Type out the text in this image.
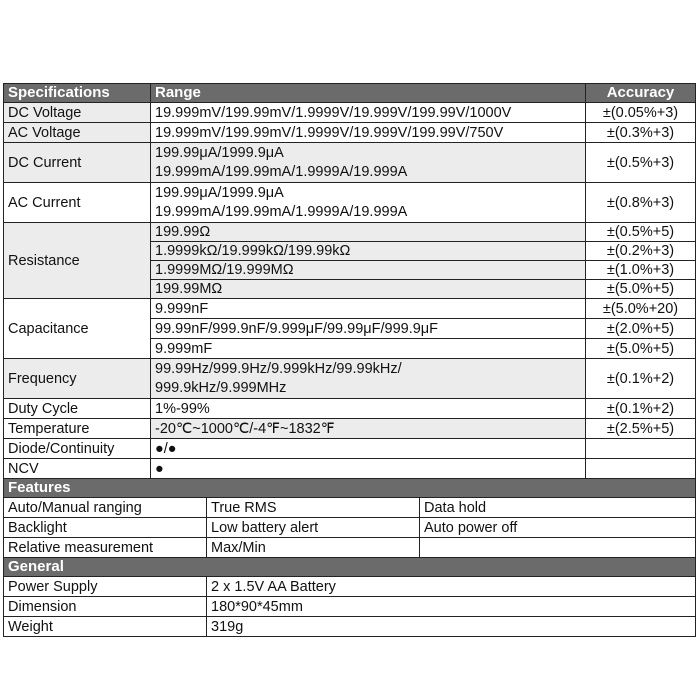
Specifications	Range			Accuracy
DC Voltage	19.999mV/199.99mV/1.9999V/19.999V/199.99V/1000V			±(0.05%+3)
AC Voltage	19.999mV/199.99mV/1.9999V/19.999V/199.99V/750V			±(0.3%+3)
DC Current	199.99μA/1999.9μA
19.999mA/199.99mA/1.9999A/19.999A			±(0.5%+3)
AC Current	199.99μA/1999.9μA
19.999mA/199.99mA/1.9999A/19.999A			±(0.8%+3)
Resistance	199.99Ω			±(0.5%+5)
	1.9999kΩ/19.999kΩ/199.99kΩ			±(0.2%+3)
	1.9999MΩ/19.999MΩ			±(1.0%+3)
	199.99MΩ			±(5.0%+5)
Capacitance	9.999nF			±(5.0%+20)
	99.99nF/999.9nF/9.999μF/99.99μF/999.9μF			±(2.0%+5)
	9.999mF			±(5.0%+5)
Frequency	99.99Hz/999.9Hz/9.999kHz/99.99kHz/
999.9kHz/9.999MHz			±(0.1%+2)
Duty Cycle	1%-99%			±(0.1%+2)
Temperature	-20℃~1000℃/-4℉~1832℉			±(2.5%+5)
Diode/Continuity	●/●			
NCV	●			
Features				
Auto/Manual ranging		True RMS	Data hold	
Backlight		Low battery alert	Auto power off	
Relative measurement		Max/Min		
General				
Power Supply		2 x 1.5V AA Battery		
Dimension		180*90*45mm		
Weight		319g		
